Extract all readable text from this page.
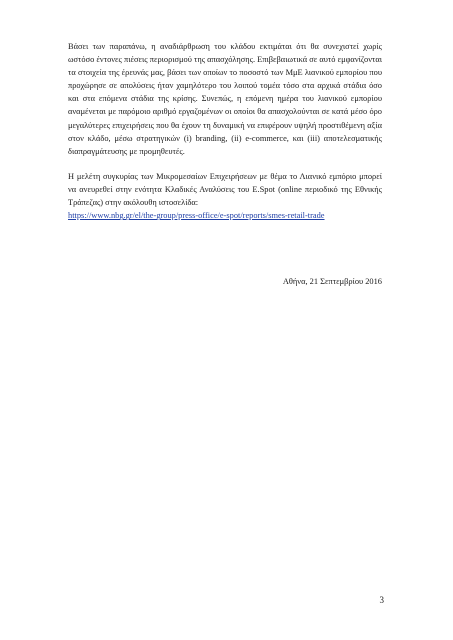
Βάσει των παραπάνω, η αναδιάρθρωση του κλάδου εκτιμάται ότι θα συνεχιστεί χωρίς
ωστόσο έντονες πιέσεις περιορισμού της απασχόλησης. Επιβεβαιωτικά σε αυτό εμφανίζονται
τα στοιχεία της έρευνάς μας, βάσει των οποίων το ποσοστό των ΜμΕ λιανικού εμπορίου που
προχώρησε σε απολύσεις ήταν χαμηλότερο του λοιπού τομέα τόσο στα αρχικά στάδια όσο
και στα επόμενα στάδια της κρίσης. Συνεπώς, η επόμενη ημέρα του λιανικού εμπορίου
αναμένεται με παρόμοιο αριθμό εργαζομένων οι οποίοι θα απασχολούνται σε κατά μέσο όρο
μεγαλύτερες επιχειρήσεις που θα έχουν τη δυναμική να επιφέρουν υψηλή προστιθέμενη αξία
στον κλάδο, μέσω στρατηγικών (i) branding, (ii) e-commerce, και (iii) αποτελεσματικής
διαπραγμάτευσης με προμηθευτές.
Η μελέτη συγκυρίας των Μικρομεσαίων Επιχειρήσεων με θέμα το Λιανικό εμπόριο μπορεί
να ανευρεθεί στην ενότητα Κλαδικές Αναλύσεις του E.Spot (online περιοδικό της Εθνικής
Τράπεζας) στην ακόλουθη ιστοσελίδα:
https://www.nbg.gr/el/the-group/press-office/e-spot/reports/smes-retail-trade
Αθήνα, 21 Σεπτεμβρίου 2016
3
